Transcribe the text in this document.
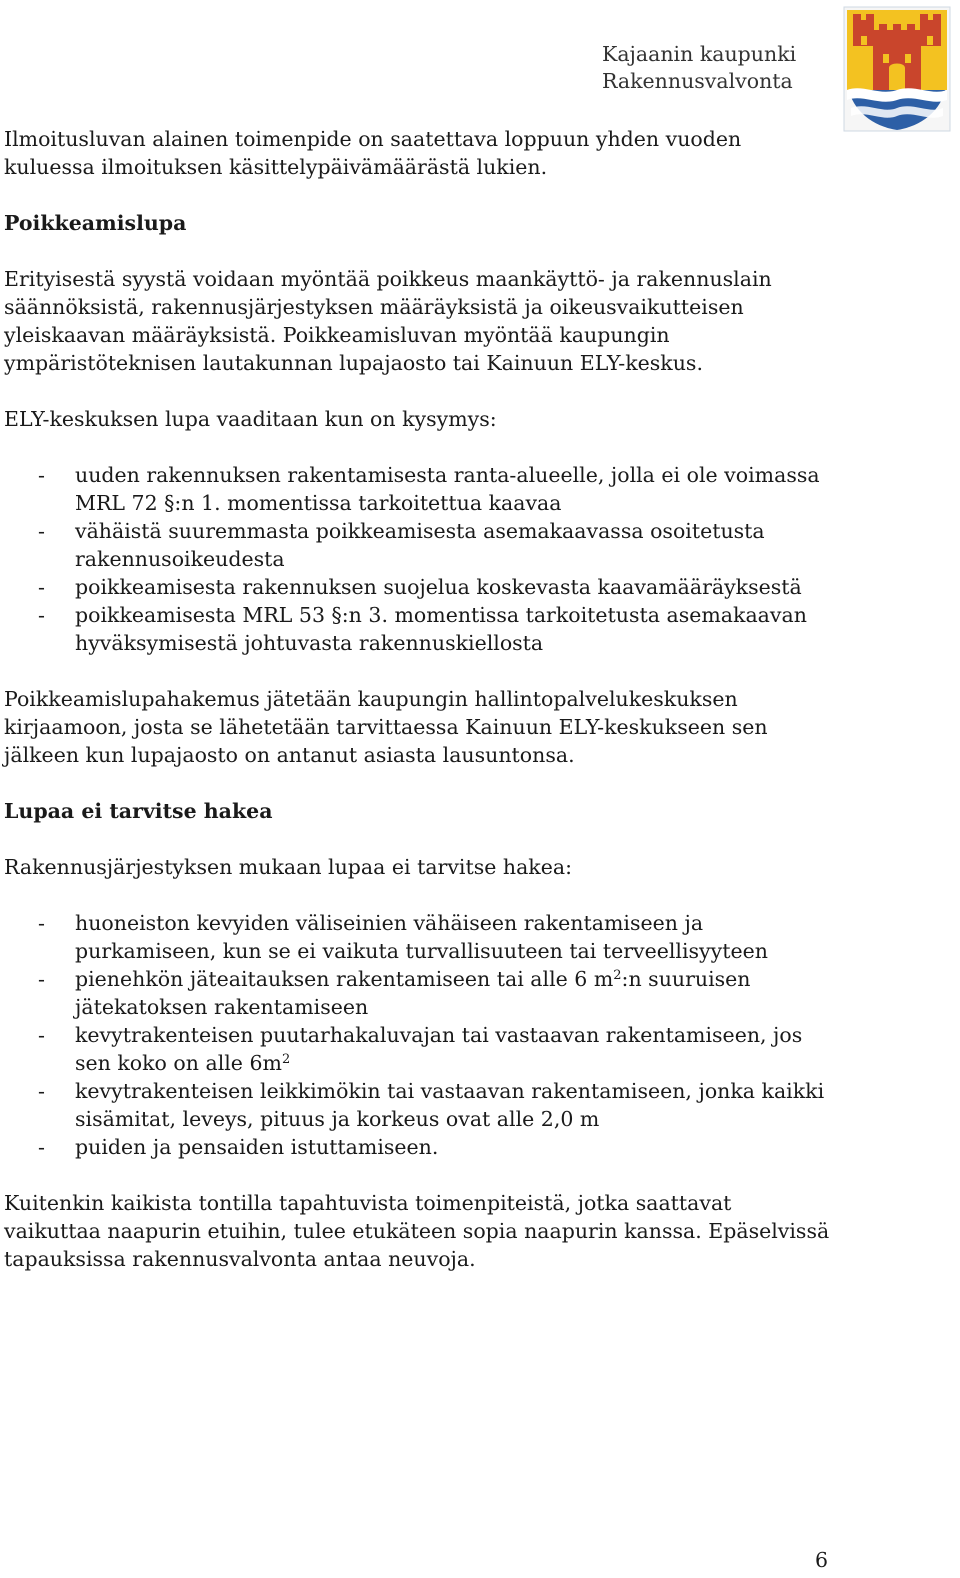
Kajaanin kaupunki
Rakennusvalvonta

Ilmoitusluvan alainen toimenpide on saatettava loppuun yhden vuoden kuluessa ilmoituksen käsittelypäivämäärästä lukien.

Poikkeamislupa

Erityisestä syystä voidaan myöntää poikkeus maankäyttö- ja rakennuslain säännöksistä, rakennusjärjestyksen määräyksistä ja oikeusvaikutteisen yleiskaavan määräyksistä. Poikkeamisluvan myöntää kaupungin ympäristöteknisen lautakunnan lupajaosto tai Kainuun ELY-keskus.

ELY-keskuksen lupa vaaditaan kun on kysymys:

- uuden rakennuksen rakentamisesta ranta-alueelle, jolla ei ole voimassa MRL 72 §:n 1. momentissa tarkoitettua kaavaa
- vähäistä suuremmasta poikkeamisesta asemakaavassa osoitetusta rakennusoikeudesta
- poikkeamisesta rakennuksen suojelua koskevasta kaavamääräyksestä
- poikkeamisesta MRL 53 §:n 3. momentissa tarkoitetusta asemakaavan hyväksymisestä johtuvasta rakennuskiellosta

Poikkeamislupahakemus jätetään kaupungin hallintopalvelukeskuksen kirjaamoon, josta se lähetetään tarvittaessa Kainuun ELY-keskukseen sen jälkeen kun lupajaosto on antanut asiasta lausuntonsa.

Lupaa ei tarvitse hakea

Rakennusjärjestyksen mukaan lupaa ei tarvitse hakea:

- huoneiston kevyiden väliseinien vähäiseen rakentamiseen ja purkamiseen, kun se ei vaikuta turvallisuuteen tai terveellisyyteen
- pienehkön jäteaitauksen rakentamiseen tai alle 6 $m^2:n$ suuruisen jätekatoksen rakentamiseen
- kevytrakenteisen puutarhakaluvajan tai vastaavan rakentamiseen, jos sen koko on alle $6m^2$
- kevytrakenteisen leikkimökin tai vastaavan rakentamiseen, jonka kaikki sisämitat, leveys, pituus ja korkeus ovat alle 2,0 m
- puiden ja pensaiden istuttamiseen.

Kuitenkin kaikista tontilla tapahtuvista toimenpiteistä, jotka saattavat vaikuttaa naapurin etuihin, tulee etukäteen sopia naapurin kanssa. Epäselvissä tapauksissa rakennusvalvonta antaa neuvoja.

6
